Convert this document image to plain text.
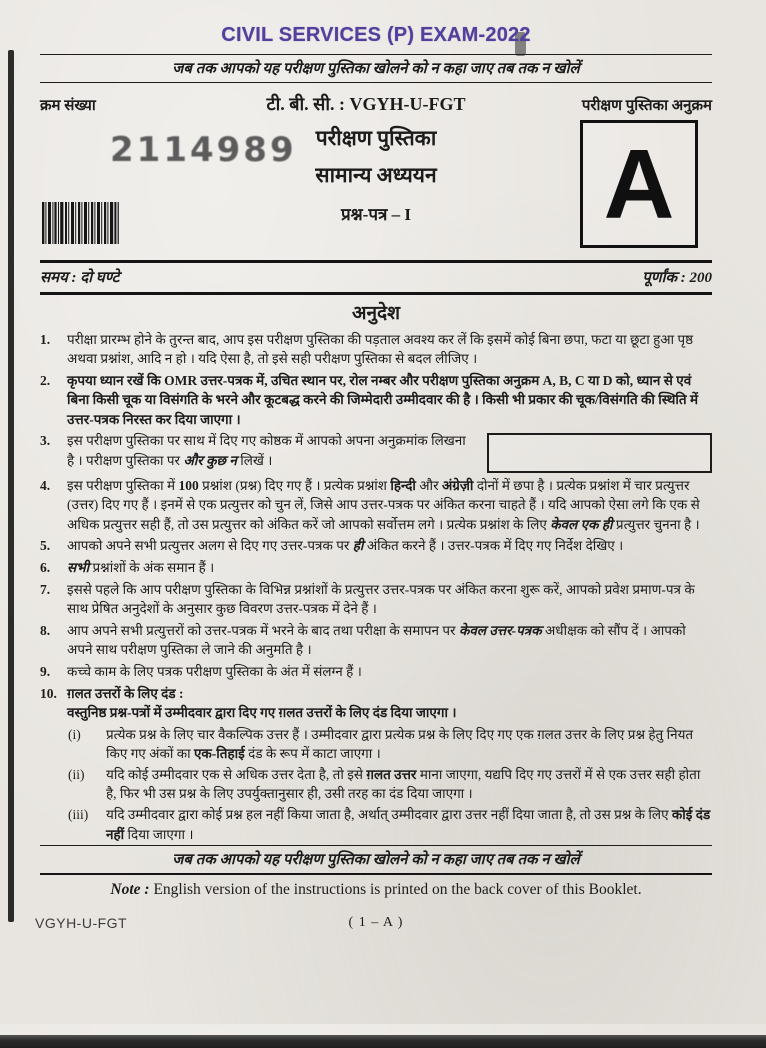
CIVIL SERVICES (P) EXAM-2022
जब तक आपको यह परीक्षण पुस्तिका खोलने को न कहा जाए तब तक न खोलें
क्रम संख्या	टी. बी. सी. : VGYH-U-FGT	परीक्षण पुस्तिका अनुक्रम
2114989 परीक्षण पुस्तिका
सामान्य अध्ययन
प्रश्न-पत्र – I A
समय : दो घण्टे	पूर्णांक : 200
अनुदेश
1.	परीक्षा प्रारम्भ होने के तुरन्त बाद, आप इस परीक्षण पुस्तिका की पड़ताल अवश्य कर लें कि इसमें कोई बिना छपा, फटा या छूटा हुआ पृष्ठ अथवा प्रश्नांश, आदि न हो । यदि ऐसा है, तो इसे सही परीक्षण पुस्तिका से बदल लीजिए ।
2.	कृपया ध्यान रखें कि OMR उत्तर-पत्रक में, उचित स्थान पर, रोल नम्बर और परीक्षण पुस्तिका अनुक्रम A, B, C या D को, ध्यान से एवं बिना किसी चूक या विसंगति के भरने और कूटबद्ध करने की जिम्मेदारी उम्मीदवार की है । किसी भी प्रकार की चूक/विसंगति की स्थिति में उत्तर-पत्रक निरस्त कर दिया जाएगा ।
3.	इस परीक्षण पुस्तिका पर साथ में दिए गए कोष्ठक में आपको अपना अनुक्रमांक लिखना है । परीक्षण पुस्तिका पर और कुछ न लिखें ।
4.	इस परीक्षण पुस्तिका में 100 प्रश्नांश (प्रश्न) दिए गए हैं । प्रत्येक प्रश्नांश हिन्दी और अंग्रेज़ी दोनों में छपा है । प्रत्येक प्रश्नांश में चार प्रत्युत्तर (उत्तर) दिए गए हैं । इनमें से एक प्रत्युत्तर को चुन लें, जिसे आप उत्तर-पत्रक पर अंकित करना चाहते हैं । यदि आपको ऐसा लगे कि एक से अधिक प्रत्युत्तर सही हैं, तो उस प्रत्युत्तर को अंकित करें जो आपको सर्वोत्तम लगे । प्रत्येक प्रश्नांश के लिए केवल एक ही प्रत्युत्तर चुनना है ।
5.	आपको अपने सभी प्रत्युत्तर अलग से दिए गए उत्तर-पत्रक पर ही अंकित करने हैं । उत्तर-पत्रक में दिए गए निर्देश देखिए ।
6.	सभी प्रश्नांशों के अंक समान हैं ।
7.	इससे पहले कि आप परीक्षण पुस्तिका के विभिन्न प्रश्नांशों के प्रत्युत्तर उत्तर-पत्रक पर अंकित करना शुरू करें, आपको प्रवेश प्रमाण-पत्र के साथ प्रेषित अनुदेशों के अनुसार कुछ विवरण उत्तर-पत्रक में देने हैं ।
8.	आप अपने सभी प्रत्युत्तरों को उत्तर-पत्रक में भरने के बाद तथा परीक्षा के समापन पर केवल उत्तर-पत्रक अधीक्षक को सौंप दें । आपको अपने साथ परीक्षण पुस्तिका ले जाने की अनुमति है ।
9.	कच्चे काम के लिए पत्रक परीक्षण पुस्तिका के अंत में संलग्न हैं ।
10. ग़लत उत्तरों के लिए दंड :
वस्तुनिष्ठ प्रश्न-पत्रों में उम्मीदवार द्वारा दिए गए ग़लत उत्तरों के लिए दंड दिया जाएगा ।
(i)	प्रत्येक प्रश्न के लिए चार वैकल्पिक उत्तर हैं । उम्मीदवार द्वारा प्रत्येक प्रश्न के लिए दिए गए एक ग़लत उत्तर के लिए प्रश्न हेतु नियत किए गए अंकों का एक-तिहाई दंड के रूप में काटा जाएगा ।
(ii)	यदि कोई उम्मीदवार एक से अधिक उत्तर देता है, तो इसे ग़लत उत्तर माना जाएगा, यद्यपि दिए गए उत्तरों में से एक उत्तर सही होता है, फिर भी उस प्रश्न के लिए उपर्युक्तानुसार ही, उसी तरह का दंड दिया जाएगा ।
(iii)	यदि उम्मीदवार द्वारा कोई प्रश्न हल नहीं किया जाता है, अर्थात् उम्मीदवार द्वारा उत्तर नहीं दिया जाता है, तो उस प्रश्न के लिए कोई दंड नहीं दिया जाएगा ।
जब तक आपको यह परीक्षण पुस्तिका खोलने को न कहा जाए तब तक न खोलें
Note : English version of the instructions is printed on the back cover of this Booklet.
VGYH-U-FGT	( 1 – A )
